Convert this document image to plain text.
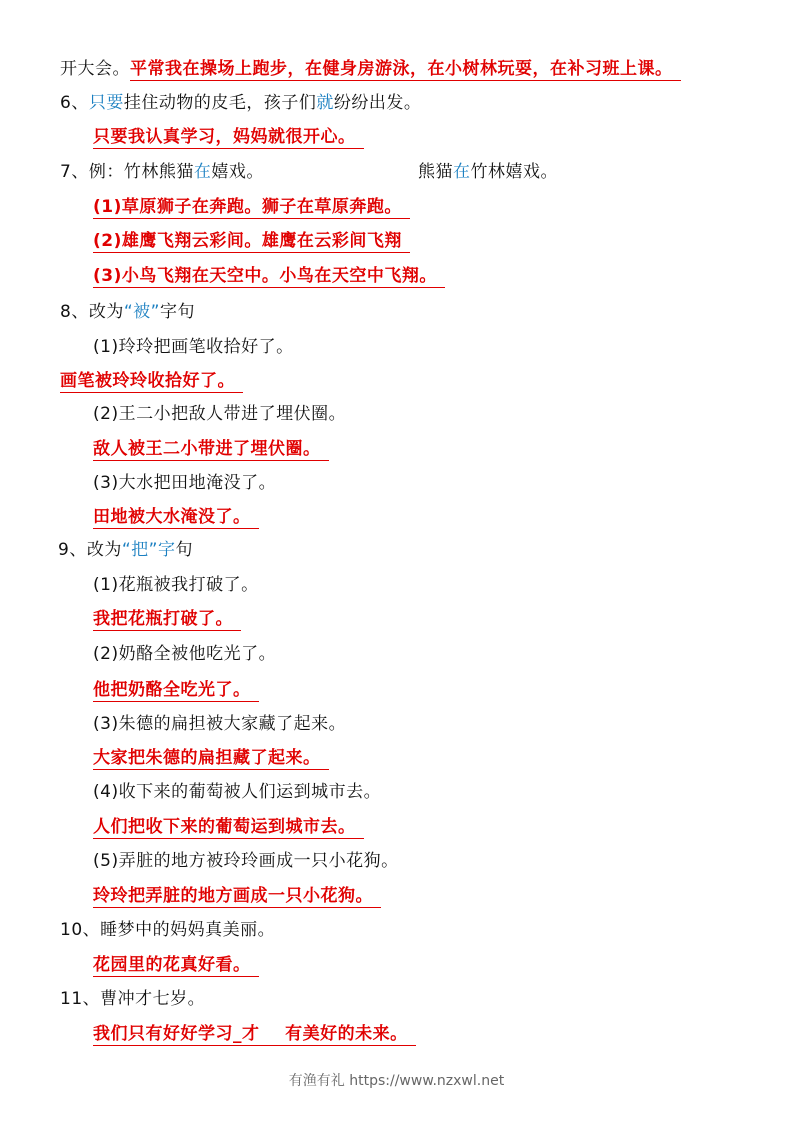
开大会。平常我在操场上跑步，在健身房游泳，在小树林玩耍，在补习班上课。
6、只要挂住动物的皮毛，孩子们就纷纷出发。
只要我认真学习，妈妈就很开心。
7、例：竹林熊猫在嬉戏。	熊猫在竹林嬉戏。
(1)草原狮子在奔跑。狮子在草原奔跑。
(2)雄鹰飞翔云彩间。雄鹰在云彩间飞翔
(3)小鸟飞翔在天空中。小鸟在天空中飞翔。
8、改为“被”字句
(1)玲玲把画笔收拾好了。
画笔被玲玲收拾好了。
(2)王二小把敌人带进了埋伏圈。
敌人被王二小带进了埋伏圈。
(3)大水把田地淹没了。
田地被大水淹没了。
9、改为“把”字句
(1)花瓶被我打破了。
我把花瓶打破了。
(2)奶酪全被他吃光了。
他把奶酪全吃光了。
(3)朱德的扁担被大家藏了起来。
大家把朱德的扁担藏了起来。
(4)收下来的葡萄被人们运到城市去。
人们把收下来的葡萄运到城市去。
(5)弄脏的地方被玲玲画成一只小花狗。
玲玲把弄脏的地方画成一只小花狗。
10、睡梦中的妈妈真美丽。
花园里的花真好看。
11、曹冲才七岁。
我们只有好好学习_才    有美好的未来。
有渔有礼 https://www.nzxwl.net
